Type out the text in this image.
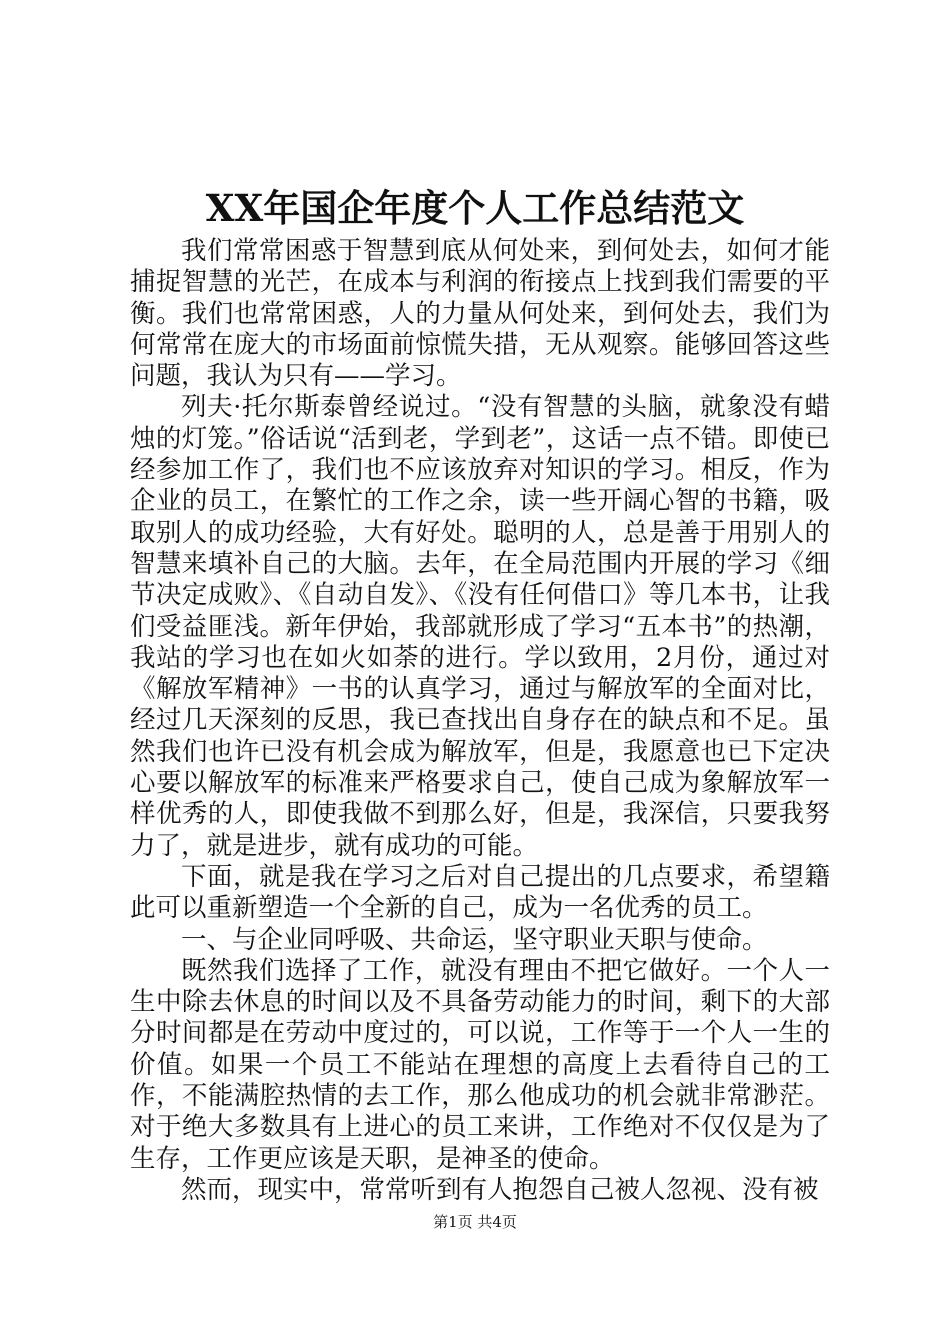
XX年国企年度个人工作总结范文

我们常常困惑于智慧到底从何处来，到何处去，如何才能捕捉智慧的光芒，在成本与利润的衔接点上找到我们需要的平衡。我们也常常困惑，人的力量从何处来，到何处去，我们为何常常在庞大的市场面前惊慌失措，无从观察。能够回答这些问题，我认为只有——学习。

列夫·托尔斯泰曾经说过。“没有智慧的头脑，就象没有蜡烛的灯笼。”俗话说“活到老，学到老”，这话一点不错。即使已经参加工作了，我们也不应该放弃对知识的学习。相反，作为企业的员工，在繁忙的工作之余，读一些开阔心智的书籍，吸取别人的成功经验，大有好处。聪明的人，总是善于用别人的智慧来填补自己的大脑。去年，在全局范围内开展的学习《细节决定成败》、《自动自发》、《没有任何借口》等几本书，让我们受益匪浅。新年伊始，我部就形成了学习“五本书”的热潮，我站的学习也在如火如荼的进行。学以致用，2月份，通过对《解放军精神》一书的认真学习，通过与解放军的全面对比，经过几天深刻的反思，我已查找出自身存在的缺点和不足。虽然我们也许已没有机会成为解放军，但是，我愿意也已下定决心要以解放军的标准来严格要求自己，使自己成为象解放军一样优秀的人，即使我做不到那么好，但是，我深信，只要我努力了，就是进步，就有成功的可能。

下面，就是我在学习之后对自己提出的几点要求，希望籍此可以重新塑造一个全新的自己，成为一名优秀的员工。

一、与企业同呼吸、共命运，坚守职业天职与使命。

既然我们选择了工作，就没有理由不把它做好。一个人一生中除去休息的时间以及不具备劳动能力的时间，剩下的大部分时间都是在劳动中度过的，可以说，工作等于一个人一生的价值。如果一个员工不能站在理想的高度上去看待自己的工作，不能满腔热情的去工作，那么他成功的机会就非常渺茫。对于绝大多数具有上进心的员工来讲，工作绝对不仅仅是为了生存，工作更应该是天职，是神圣的使命。

然而，现实中，常常听到有人抱怨自己被人忽视、没有被

第1页 共4页
